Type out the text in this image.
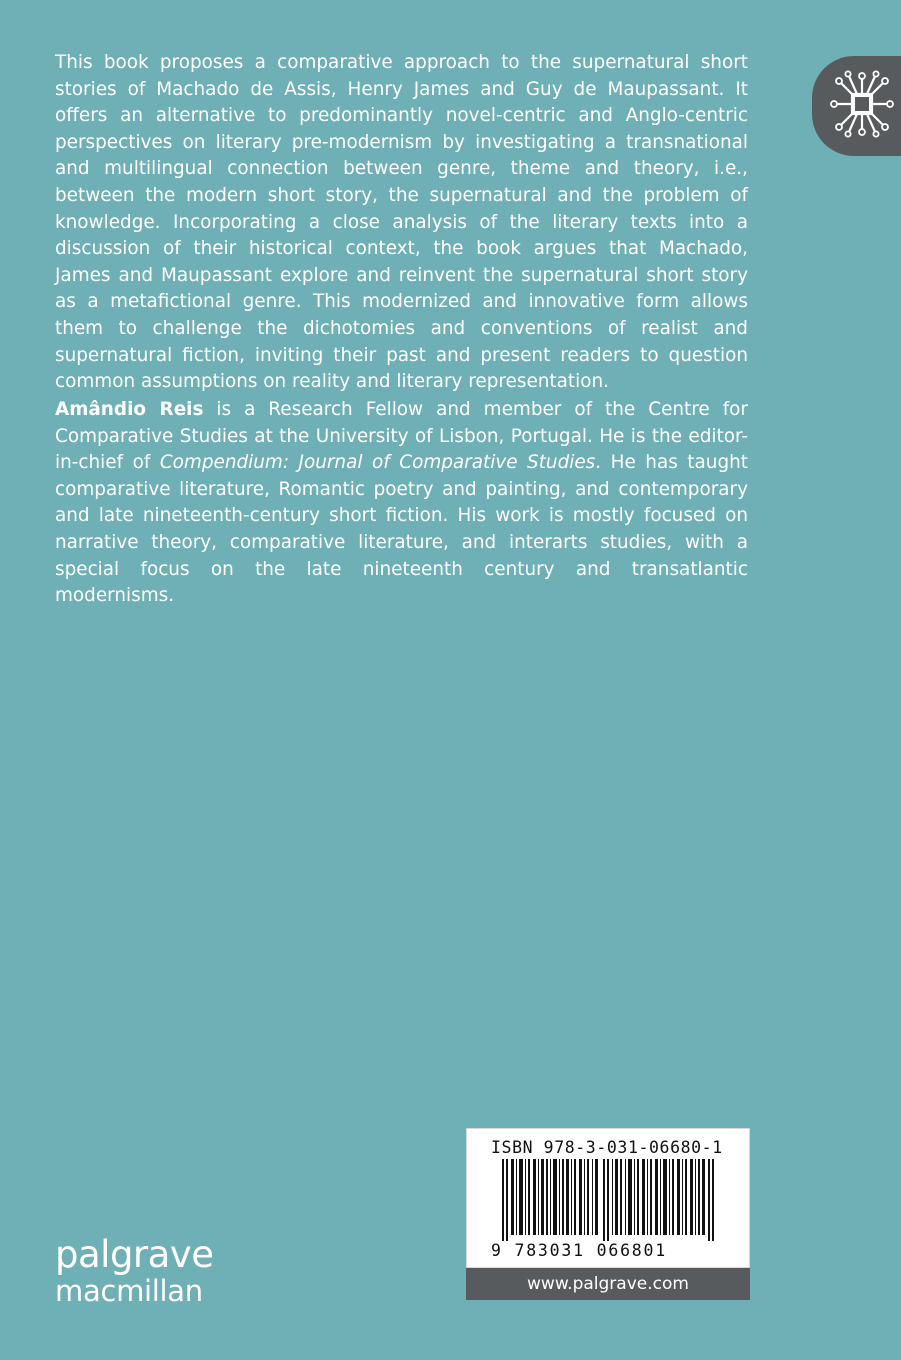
This book proposes a comparative approach to the supernatural short stories of Machado de Assis, Henry James and Guy de Maupassant. It offers an alternative to predominantly novel-centric and Anglo-centric perspectives on literary pre-modernism by investigating a transnational and multilingual connection between genre, theme and theory, i.e., between the modern short story, the supernatural and the problem of knowledge. Incorporating a close analysis of the literary texts into a discussion of their historical context, the book argues that Machado, James and Maupassant explore and reinvent the supernatural short story as a metafictional genre. This modernized and innovative form allows them to challenge the dichotomies and conventions of realist and supernatural fiction, inviting their past and present readers to question common assumptions on reality and literary representation.

Amândio Reis is a Research Fellow and member of the Centre for Comparative Studies at the University of Lisbon, Portugal. He is the editor-in-chief of Compendium: Journal of Comparative Studies. He has taught comparative literature, Romantic poetry and painting, and contemporary and late nineteenth-century short fiction. His work is mostly focused on narrative theory, comparative literature, and interarts studies, with a special focus on the late nineteenth century and transatlantic modernisms.

palgrave
macmillan
ISBN 978-3-031-06680-1
9 783031 066801
www.palgrave.com
